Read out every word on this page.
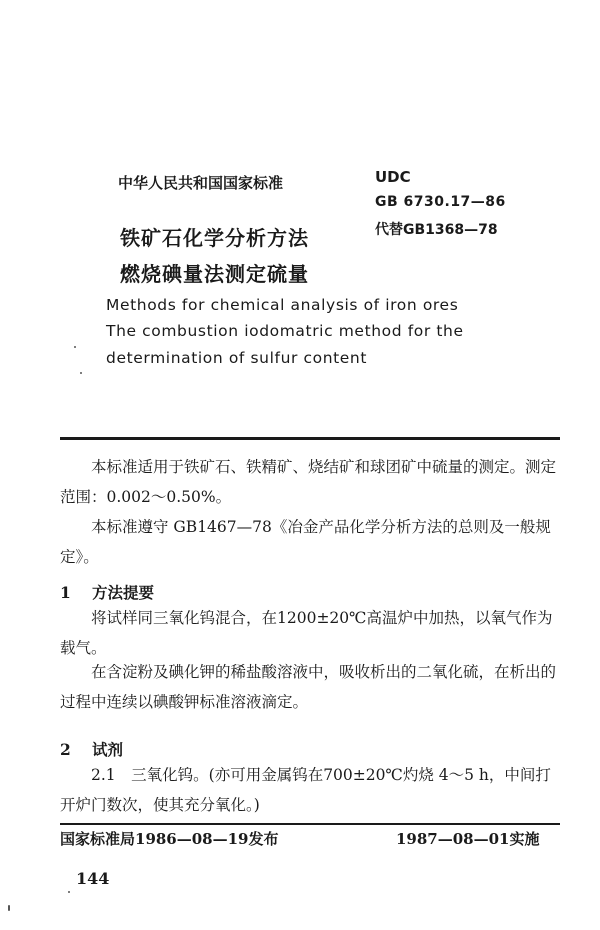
中华人民共和国国家标准	UDC
GB 6730.17—86
代替GB1368—78
铁矿石化学分析方法
燃烧碘量法测定硫量
Methods for chemical analysis of iron ores
The combustion iodomatric method for the
determination of sulfur content
本标准适用于铁矿石、铁精矿、烧结矿和球团矿中硫量的测定。测定范围：0.002～0.50%。
本标准遵守 GB1467—78《冶金产品化学分析方法的总则及一般规定》。
1 方法提要
将试样同三氧化钨混合，在1200±20℃高温炉中加热，以氧气作为载气。
在含淀粉及碘化钾的稀盐酸溶液中，吸收析出的二氧化硫，在析出的过程中连续以碘酸钾标准溶液滴定。
2 试剂
2.1　三氧化钨。(亦可用金属钨在700±20℃灼烧 4～5 h，中间打开炉门数次，使其充分氧化。)
国家标准局1986—08—19发布	1987—08—01实施
144
